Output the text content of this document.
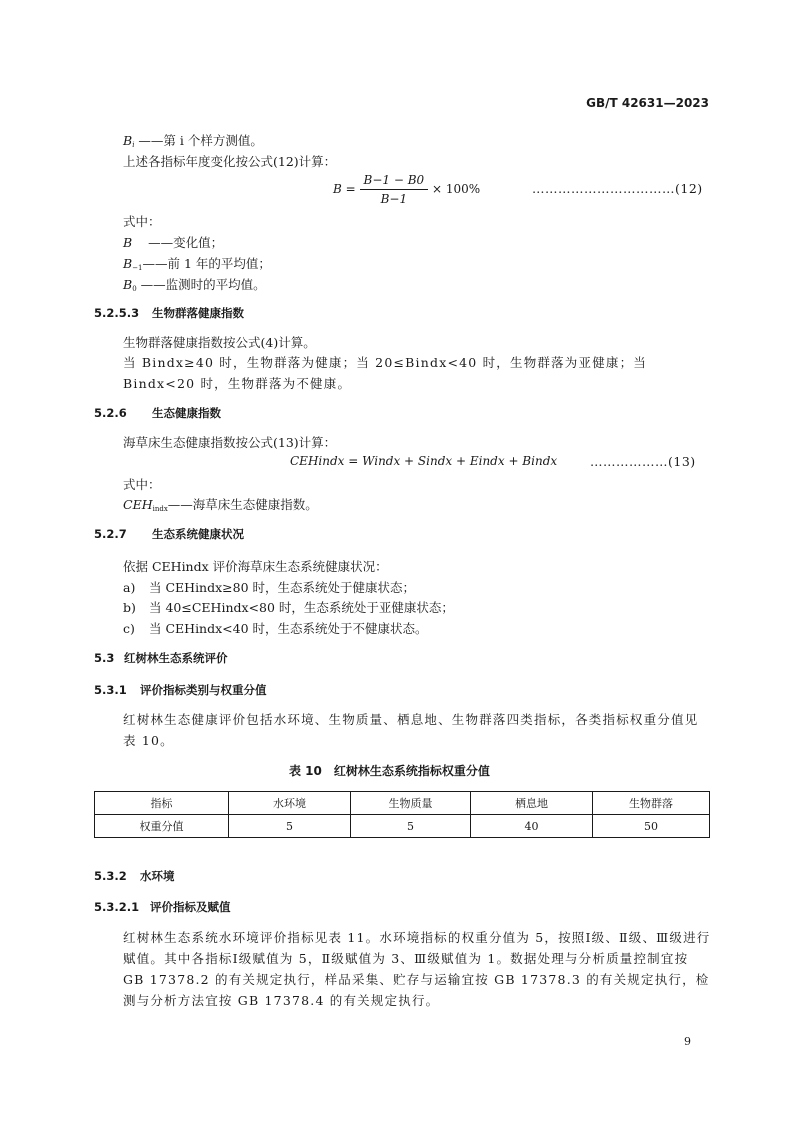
GB/T 42631—2023
$B_i$ ——第 i 个样方测值。
上述各指标年度变化按公式(12)计算：
$B = \frac{B-1 - B0}{B-1} \times 100\%$	……………………………(12)
式中：
B ——变化值；
$B_{-1}——$前 1 年的平均值；
$B_0$ ——监测时的平均值。
5.2.5.3 生物群落健康指数
生物群落健康指数按公式(4)计算。
当 Bindx≥40 时，生物群落为健康；当 20≤Bindx<40 时，生物群落为亚健康；当 Bindx<20 时，生物群落为不健康。
5.2.6 生态健康指数
海草床生态健康指数按公式(13)计算：
CEHindx = Windx + Sindx + Eindx + Bindx	………………(13)
式中：
$CEH_{indx}——$海草床生态健康指数。
5.2.7 生态系统健康状况
依据 CEHindx 评价海草床生态系统健康状况：
a) 当 CEHindx≥80 时，生态系统处于健康状态；
b) 当 40≤CEHindx<80 时，生态系统处于亚健康状态；
c) 当 CEHindx<40 时，生态系统处于不健康状态。
5.3 红树林生态系统评价
5.3.1 评价指标类别与权重分值
红树林生态健康评价包括水环境、生物质量、栖息地、生物群落四类指标，各类指标权重分值见表 10。
表 10　红树林生态系统指标权重分值
指标	水环境	生物质量	栖息地	生物群落
权重分值	5	5	40	50
5.3.2 水环境
5.3.2.1 评价指标及赋值
红树林生态系统水环境评价指标见表 11。水环境指标的权重分值为 5，按照Ⅰ级、Ⅱ级、Ⅲ级进行赋值。其中各指标Ⅰ级赋值为 5，Ⅱ级赋值为 3、Ⅲ级赋值为 1。数据处理与分析质量控制宜按 GB 17378.2 的有关规定执行，样品采集、贮存与运输宜按 GB 17378.3 的有关规定执行，检测与分析方法宜按 GB 17378.4 的有关规定执行。
9
